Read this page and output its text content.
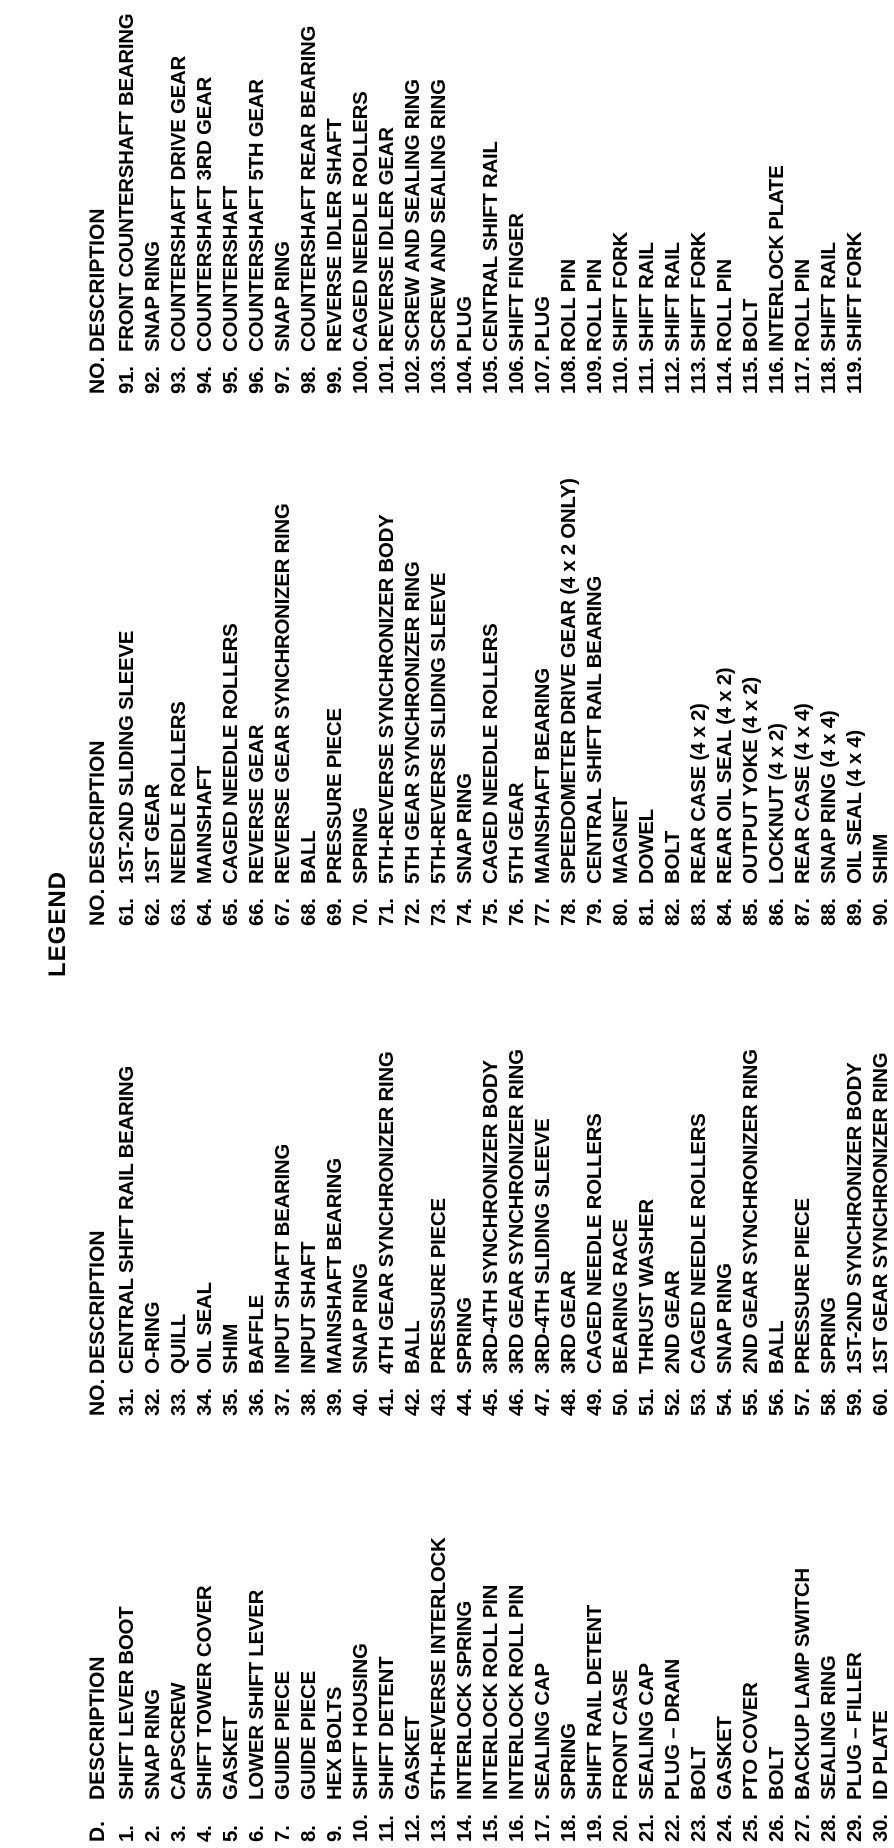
LEGEND
D.DESCRIPTION
1.SHIFT LEVER BOOT
2.SNAP RING
3.CAPSCREW
4.SHIFT TOWER COVER
5.GASKET
6.LOWER SHIFT LEVER
7.GUIDE PIECE
8.GUIDE PIECE
9.HEX BOLTS
10.SHIFT HOUSING
11.SHIFT DETENT
12.GASKET
13.5TH-REVERSE INTERLOCK
14.INTERLOCK SPRING
15.INTERLOCK ROLL PIN
16.INTERLOCK ROLL PIN
17.SEALING CAP
18.SPRING
19.SHIFT RAIL DETENT
20.FRONT CASE
21.SEALING CAP
22.PLUG – DRAIN
23.BOLT
24.GASKET
25.PTO COVER
26.BOLT
27.BACKUP LAMP SWITCH
28.SEALING RING
29.PLUG – FILLER
30.ID PLATE
NO.DESCRIPTION
31.CENTRAL SHIFT RAIL BEARING
32.O-RING
33.QUILL
34.OIL SEAL
35.SHIM
36.BAFFLE
37.INPUT SHAFT BEARING
38.INPUT SHAFT
39.MAINSHAFT BEARING
40.SNAP RING
41.4TH GEAR SYNCHRONIZER RING
42.BALL
43.PRESSURE PIECE
44.SPRING
45.3RD-4TH SYNCHRONIZER BODY
46.3RD GEAR SYNCHRONIZER RING
47.3RD-4TH SLIDING SLEEVE
48.3RD GEAR
49.CAGED NEEDLE ROLLERS
50.BEARING RACE
51.THRUST WASHER
52.2ND GEAR
53.CAGED NEEDLE ROLLERS
54.SNAP RING
55.2ND GEAR SYNCHRONIZER RING
56.BALL
57.PRESSURE PIECE
58.SPRING
59.1ST-2ND SYNCHRONIZER BODY
60.1ST GEAR SYNCHRONIZER RING
NO.DESCRIPTION
61.1ST-2ND SLIDING SLEEVE
62.1ST GEAR
63.NEEDLE ROLLERS
64.MAINSHAFT
65.CAGED NEEDLE ROLLERS
66.REVERSE GEAR
67.REVERSE GEAR SYNCHRONIZER RING
68.BALL
69.PRESSURE PIECE
70.SPRING
71.5TH-REVERSE SYNCHRONIZER BODY
72.5TH GEAR SYNCHRONIZER RING
73.5TH-REVERSE SLIDING SLEEVE
74.SNAP RING
75.CAGED NEEDLE ROLLERS
76.5TH GEAR
77.MAINSHAFT BEARING
78.SPEEDOMETER DRIVE GEAR (4 x 2 ONLY)
79.CENTRAL SHIFT RAIL BEARING
80.MAGNET
81.DOWEL
82.BOLT
83.REAR CASE (4 x 2)
84.REAR OIL SEAL (4 x 2)
85.OUTPUT YOKE (4 x 2)
86.LOCKNUT (4 x 2)
87.REAR CASE (4 x 4)
88.SNAP RING (4 x 4)
89.OIL SEAL (4 x 4)
90.SHIM
NO.DESCRIPTION
91.FRONT COUNTERSHAFT BEARING
92.SNAP RING
93.COUNTERSHAFT DRIVE GEAR
94.COUNTERSHAFT 3RD GEAR
95.COUNTERSHAFT
96.COUNTERSHAFT 5TH GEAR
97.SNAP RING
98.COUNTERSHAFT REAR BEARING
99.REVERSE IDLER SHAFT
100.CAGED NEEDLE ROLLERS
101.REVERSE IDLER GEAR
102.SCREW AND SEALING RING
103.SCREW AND SEALING RING
104.PLUG
105.CENTRAL SHIFT RAIL
106.SHIFT FINGER
107.PLUG
108.ROLL PIN
109.ROLL PIN
110.SHIFT FORK
111.SHIFT RAIL
112.SHIFT RAIL
113.SHIFT FORK
114.ROLL PIN
115.BOLT
116.INTERLOCK PLATE
117.ROLL PIN
118.SHIFT RAIL
119.SHIFT FORK
